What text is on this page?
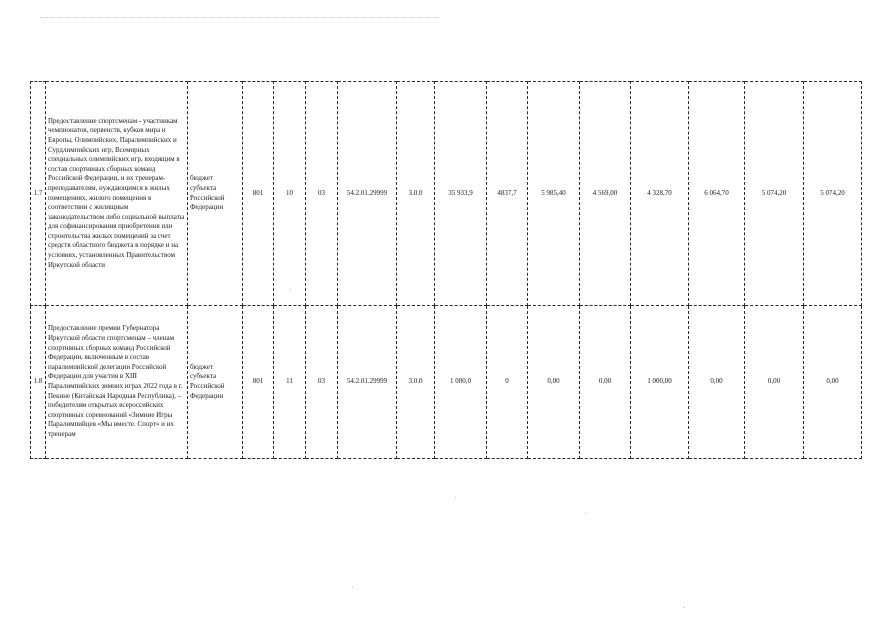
1.7	Предоставление спортсменам - участникам чемпионатов, первенств, кубков мира и Европы, Олимпийских, Паралимпийских и Сурдлимпийских игр, Всемирных специальных олимпийских игр, входящим в состав спортивных сборных команд Российской Федерации, и их тренерам-преподавателям, нуждающимся в жилых помещениях, жилого помещения в соответствии с жилищным законодательством либо социальной выплаты для софинансирования приобретения или строительства жилых помещений за счет средств областного бюджета в порядке и на условиях, установленных Правительством Иркутской области	бюджет субъекта Российской Федерации	801	10	03	54.2.01.29999	3.0.0	35 933,9	4837,7	5 985,40	4 569,00	4 328,70	6 064,70	5 074,20	5 074,20
1.8	Предоставление премии Губернатора Иркутской области спортсменам – членам спортивных сборных команд Российской Федерации, включенным в состав паралимпийской делегации Российской Федерации для участия в XIII Паралимпийских зимних играх 2022 года в г. Пекине (Китайская Народная Республика), – победителям открытых всероссийских спортивных соревнований «Зимние Игры Паралимпийцев «Мы вместе. Спорт» и их тренерам	бюджет субъекта Российской Федерации	801	11	03	54.2.01.29999	3.0.0	1 000,0	0	0,00	0,00	1 000,00	0,00	0,00	0,00
